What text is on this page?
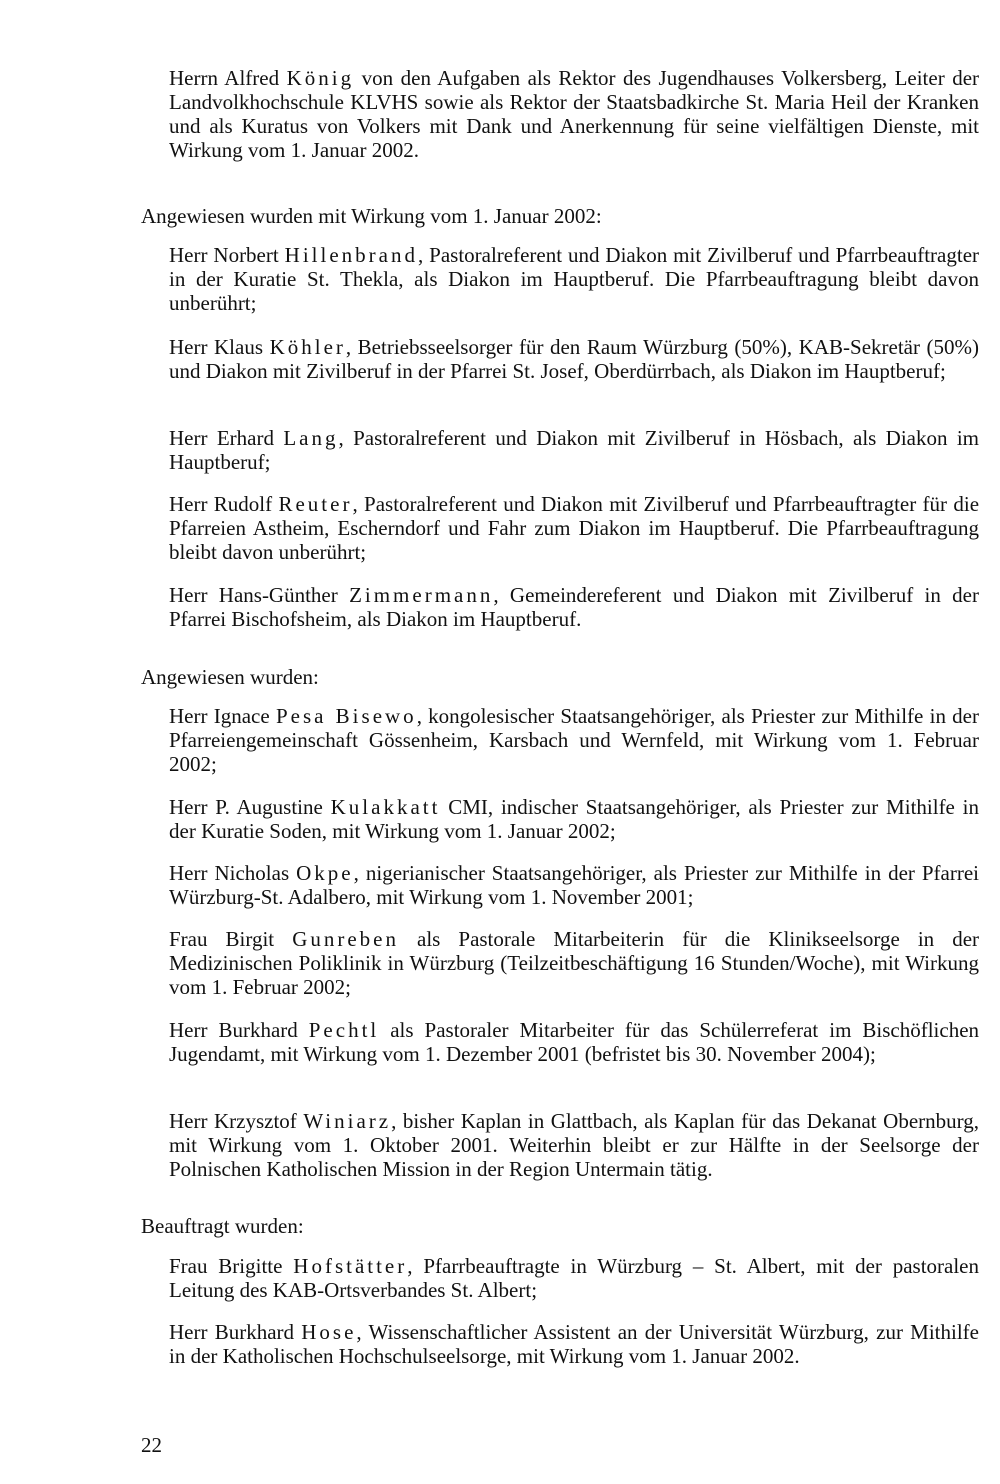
Herrn Alfred König von den Aufgaben als Rektor des Jugendhauses Volkersberg, Leiter der Landvolkhochschule KLVHS sowie als Rektor der Staatsbadkirche St. Maria Heil der Kranken und als Kuratus von Volkers mit Dank und Anerkennung für seine vielfältigen Dienste, mit Wirkung vom 1. Januar 2002.

Angewiesen wurden mit Wirkung vom 1. Januar 2002:

Herr Norbert Hillenbrand, Pastoralreferent und Diakon mit Zivilberuf und Pfarrbeauftragter in der Kuratie St. Thekla, als Diakon im Hauptberuf. Die Pfarrbeauftragung bleibt davon unberührt;

Herr Klaus Köhler, Betriebsseelsorger für den Raum Würzburg (50%), KAB-Sekretär (50%) und Diakon mit Zivilberuf in der Pfarrei St. Josef, Oberdürrbach, als Diakon im Hauptberuf;

Herr Erhard Lang, Pastoralreferent und Diakon mit Zivilberuf in Hösbach, als Diakon im Hauptberuf;

Herr Rudolf Reuter, Pastoralreferent und Diakon mit Zivilberuf und Pfarrbeauftragter für die Pfarreien Astheim, Escherndorf und Fahr zum Diakon im Hauptberuf. Die Pfarrbeauftragung bleibt davon unberührt;

Herr Hans-Günther Zimmermann, Gemeindereferent und Diakon mit Zivilberuf in der Pfarrei Bischofsheim, als Diakon im Hauptberuf.

Angewiesen wurden:

Herr Ignace Pesa Bisewo, kongolesischer Staatsangehöriger, als Priester zur Mithilfe in der Pfarreiengemeinschaft Gössenheim, Karsbach und Wernfeld, mit Wirkung vom 1. Februar 2002;

Herr P. Augustine Kulakkatt CMI, indischer Staatsangehöriger, als Priester zur Mithilfe in der Kuratie Soden, mit Wirkung vom 1. Januar 2002;

Herr Nicholas Okpe, nigerianischer Staatsangehöriger, als Priester zur Mithilfe in der Pfarrei Würzburg-St. Adalbero, mit Wirkung vom 1. November 2001;

Frau Birgit Gunreben als Pastorale Mitarbeiterin für die Klinikseelsorge in der Medizinischen Poliklinik in Würzburg (Teilzeitbeschäftigung 16 Stunden/Woche), mit Wirkung vom 1. Februar 2002;

Herr Burkhard Pechtl als Pastoraler Mitarbeiter für das Schülerreferat im Bischöflichen Jugendamt, mit Wirkung vom 1. Dezember 2001 (befristet bis 30. November 2004);

Herr Krzysztof Winiarz, bisher Kaplan in Glattbach, als Kaplan für das Dekanat Obernburg, mit Wirkung vom 1. Oktober 2001. Weiterhin bleibt er zur Hälfte in der Seelsorge der Polnischen Katholischen Mission in der Region Untermain tätig.

Beauftragt wurden:

Frau Brigitte Hofstätter, Pfarrbeauftragte in Würzburg – St. Albert, mit der pastoralen Leitung des KAB-Ortsverbandes St. Albert;

Herr Burkhard Hose, Wissenschaftlicher Assistent an der Universität Würzburg, zur Mithilfe in der Katholischen Hochschulseelsorge, mit Wirkung vom 1. Januar 2002.

22
